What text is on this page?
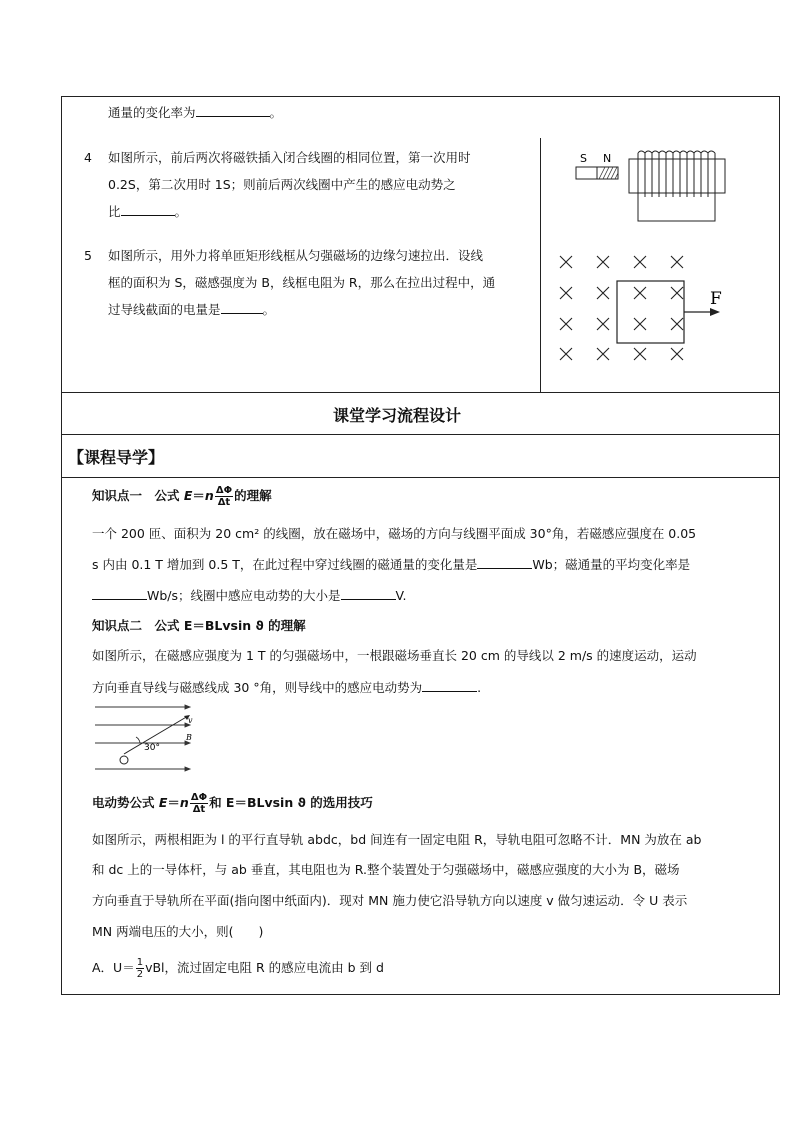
通量的变化率为	。
4 如图所示，前后两次将磁铁插入闭合线圈的相同位置，第一次用时
0.2S，第二次用时 1S；则前后两次线圈中产生的感应电动势之
比	。
5 如图所示，用外力将单匝矩形线框从匀强磁场的边缘匀速拉出．设线
框的面积为 S，磁感强度为 B，线框电阻为 R，那么在拉出过程中，通
过导线截面的电量是	。
S N
F
课堂学习流程设计
【课程导学】
知识点一　公式 $E=n \frac{\Delta\Phi}{\Delta t}$ 的理解
一个 200 匝、面积为 20 cm² 的线圈，放在磁场中，磁场的方向与线圈平面成 30°角，若磁感应强度在 0.05
s 内由 0.1 T 增加到 0.5 T，在此过程中穿过线圈的磁通量的变化量是	Wb；磁通量的平均变化率是
Wb/s；线圈中感应电动势的大小是	V.
知识点二　公式 E＝BLvsin ϑ 的理解
如图所示，在磁感应强度为 1 T 的匀强磁场中，一根跟磁场垂直长 20 cm 的导线以 2 m/s 的速度运动，运动
方向垂直导线与磁感线成 30 °角，则导线中的感应电动势为	.
v
B
30°
电动势公式 $E=n \frac{\Delta\Phi}{\Delta t}$ 和 E＝BLvsin ϑ 的选用技巧
如图所示，两根相距为 l 的平行直导轨 abdc，bd 间连有一固定电阻 R，导轨电阻可忽略不计．MN 为放在 ab
和 dc 上的一导体杆，与 ab 垂直，其电阻也为 R.整个装置处于匀强磁场中，磁感应强度的大小为 B，磁场
方向垂直于导轨所在平面(指向图中纸面内)．现对 MN 施力使它沿导轨方向以速度 v 做匀速运动．令 U 表示
MN 两端电压的大小，则(　　)
A．$U= \frac{1}{2}$ vBl，流过固定电阻 R 的感应电流由 b 到 d
